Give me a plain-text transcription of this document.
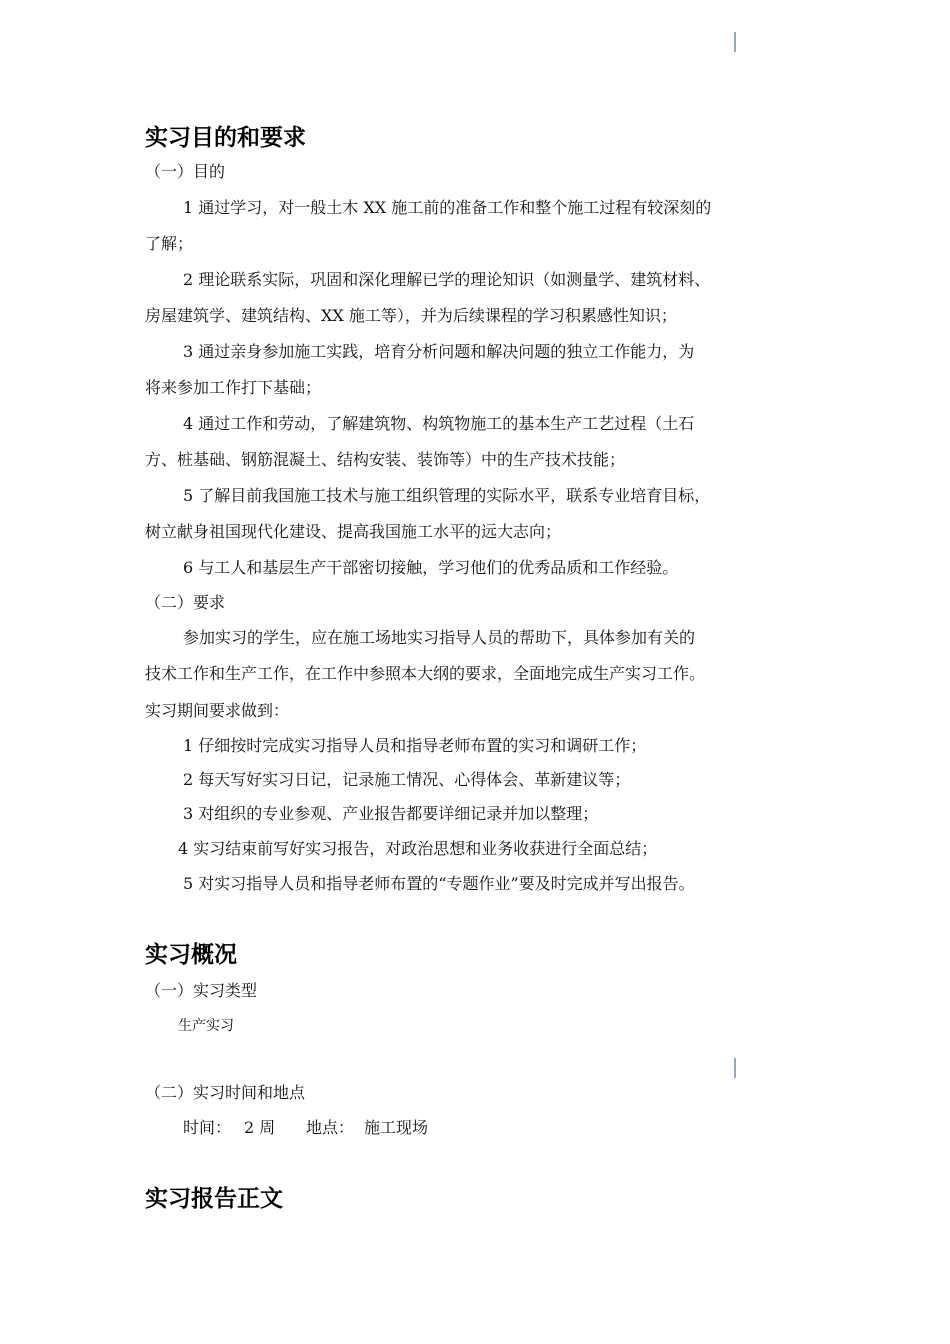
实习目的和要求
（一）目的
1 通过学习，对一般土木 XX 施工前的准备工作和整个施工过程有较深刻的
了解；
2 理论联系实际，巩固和深化理解已学的理论知识（如测量学、建筑材料、
房屋建筑学、建筑结构、XX 施工等），并为后续课程的学习积累感性知识；
3 通过亲身参加施工实践，培育分析问题和解决问题的独立工作能力，为
将来参加工作打下基础；
4 通过工作和劳动，了解建筑物、构筑物施工的基本生产工艺过程（土石
方、桩基础、钢筋混凝土、结构安装、装饰等）中的生产技术技能；
5 了解目前我国施工技术与施工组织管理的实际水平，联系专业培育目标，
树立献身祖国现代化建设、提高我国施工水平的远大志向；
6 与工人和基层生产干部密切接触，学习他们的优秀品质和工作经验。
（二）要求
参加实习的学生，应在施工场地实习指导人员的帮助下，具体参加有关的
技术工作和生产工作，在工作中参照本大纲的要求，全面地完成生产实习工作。
实习期间要求做到：
1 仔细按时完成实习指导人员和指导老师布置的实习和调研工作；
2 每天写好实习日记，记录施工情况、心得体会、革新建议等；
3 对组织的专业参观、产业报告都要详细记录并加以整理；
4 实习结束前写好实习报告，对政治思想和业务收获进行全面总结；
5 对实习指导人员和指导老师布置的“专题作业”要及时完成并写出报告。
实习概况
（一）实习类型
生产实习
（二）实习时间和地点
时间： 2 周 地点： 施工现场
实习报告正文
